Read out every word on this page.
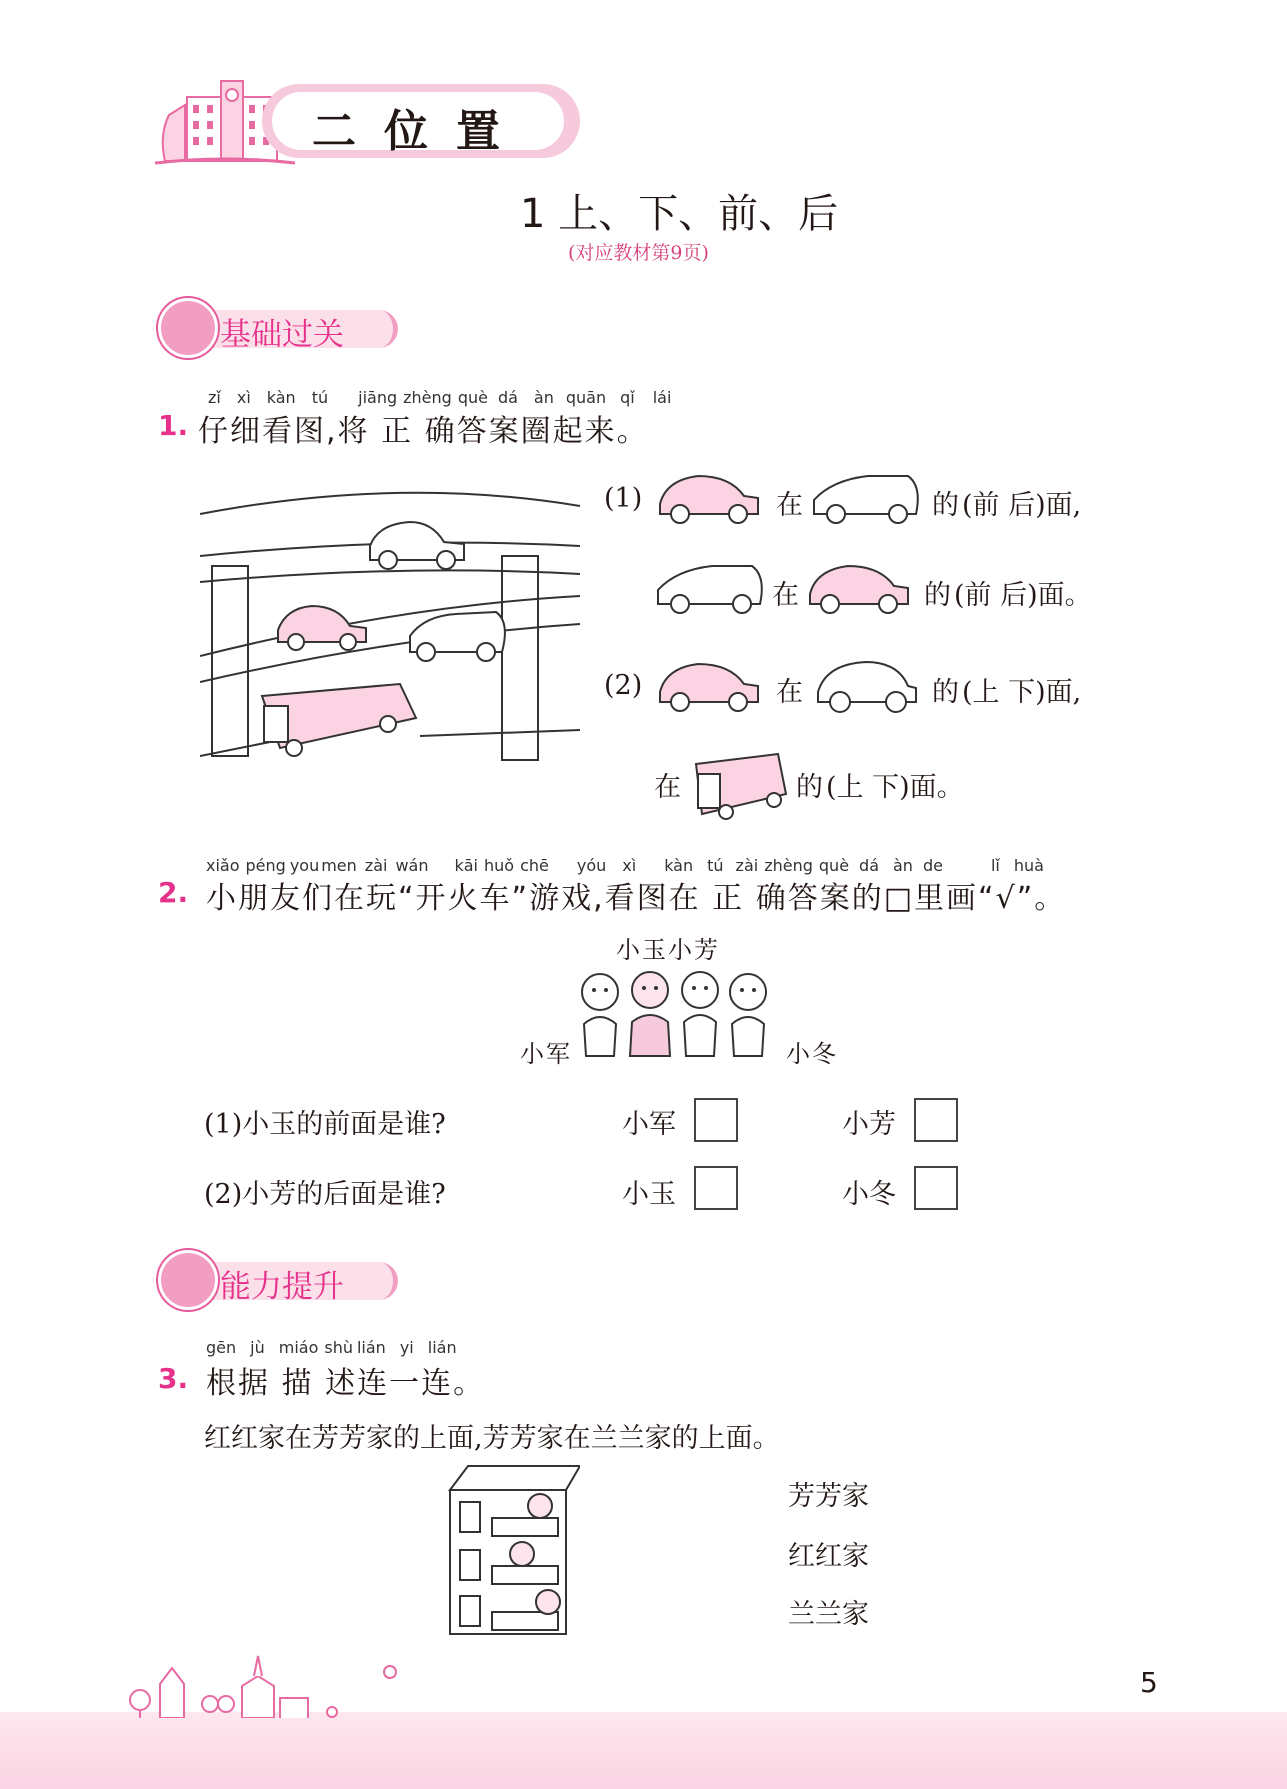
二位置
1 上、下、前、后
(对应教材第9页)
基础过关
zǐ xì kàn tú jiāng zhèng què dá àn quān qǐ lái
1. 仔细看图,将 正 确答案圈起来。
(1)	在	的 (前 后)面,
在	的 (前 后)面。
(2)	在	的 (上 下)面,
在	的 (上 下)面。
xiǎo péng you men zài wán kāi huǒ chē yóu xì kàn tú zài zhèng què dá àn de	lǐ huà
2. 小朋友们在玩“开火车”游戏,看图在 正 确答案的□里画“√”。
小玉小芳
小军	小冬
(1)小玉的前面是谁?	小军	小芳
(2)小芳的后面是谁?	小玉	小冬
能力提升
gēn jù miáo shù lián yi lián
3. 根据 描 述连一连。
红红家在芳芳家的上面,芳芳家在兰兰家的上面。
芳芳家
红红家
兰兰家
5
